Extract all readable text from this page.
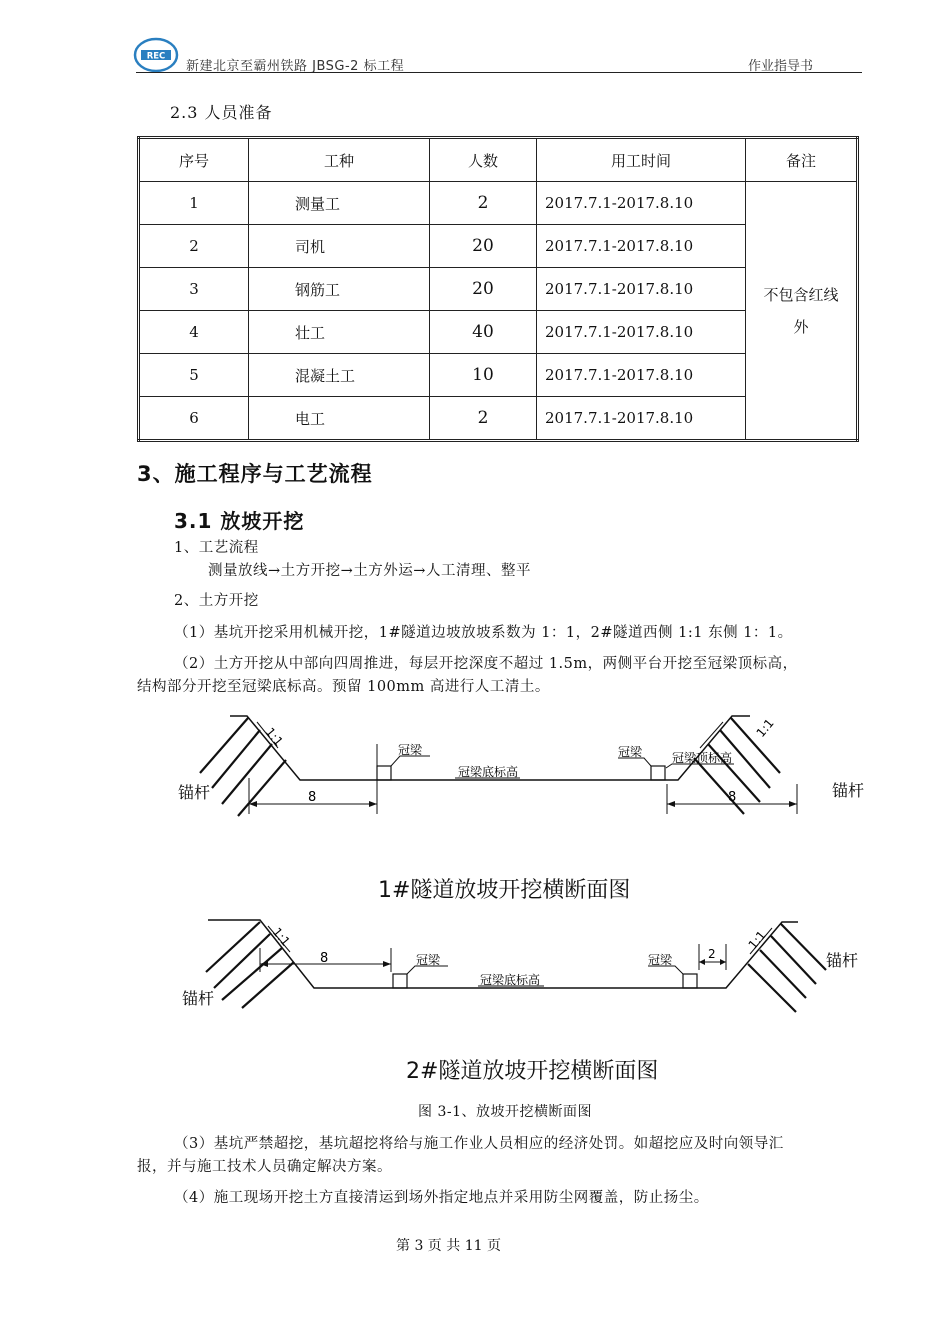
REC
新建北京至霸州铁路 JBSG-2 标工程	作业指导书
2.3 人员准备
序号	工种	人数	用工时间	备注
1	测量工	2	2017.7.1-2017.8.10	不包含红线
外

2	司机	20	2017.7.1-2017.8.10	
3	钢筋工	20	2017.7.1-2017.8.10	
4	壮工	40	2017.7.1-2017.8.10	
5	混凝土工	10	2017.7.1-2017.8.10	
6	电工	2	2017.7.1-2017.8.10	
3、施工程序与工艺流程
3.1 放坡开挖
1、工艺流程
测量放线→土方开挖→土方外运→人工清理、整平
2、土方开挖
（1）基坑开挖采用机械开挖，1#隧道边坡放坡系数为 1：1，2#隧道西侧 1:1 东侧 1：1。
（2）土方开挖从中部向四周推进，每层开挖深度不超过 1.5m，两侧平台开挖至冠梁顶标高，
结构部分开挖至冠梁底标高。预留 100mm 高进行人工清土。
1:1	1:1
锚杆	锚杆
冠梁	冠梁
冠梁底标高
冠梁顶标高
8	8
1#隧道放坡开挖横断面图
1:1	1:1
锚杆
锚杆
冠梁	冠梁
冠梁底标高
8	2
2#隧道放坡开挖横断面图
图 3-1、放坡开挖横断面图
（3）基坑严禁超挖，基坑超挖将给与施工作业人员相应的经济处罚。如超挖应及时向领导汇
报，并与施工技术人员确定解决方案。
（4）施工现场开挖土方直接清运到场外指定地点并采用防尘网覆盖，防止扬尘。
第 3 页 共 11 页
